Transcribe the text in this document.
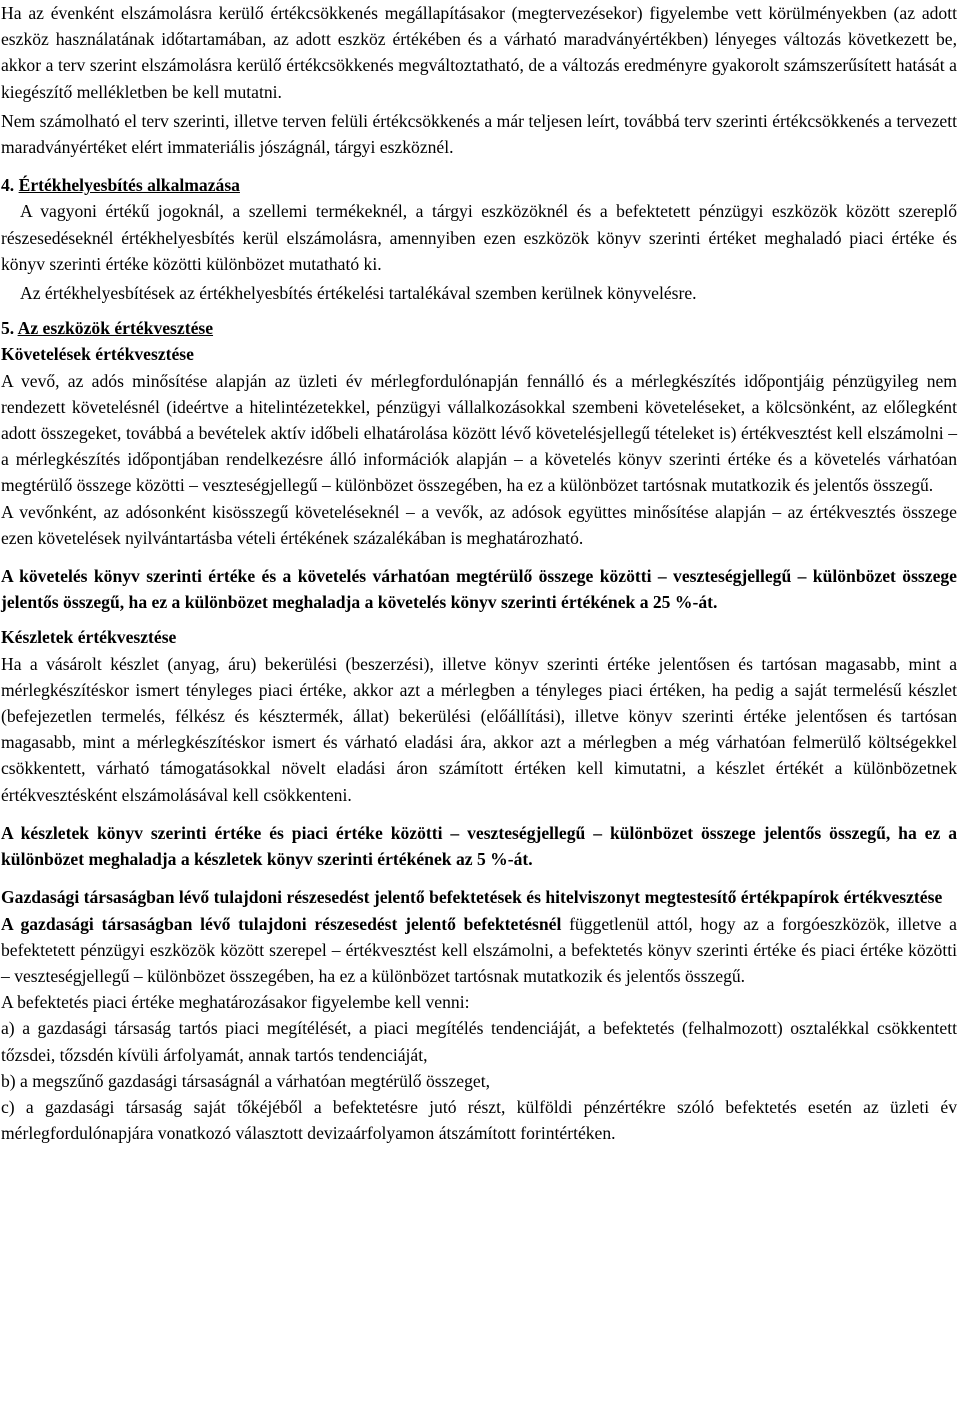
Ha az évenként elszámolásra kerülő értékcsökkenés megállapításakor (megtervezésekor) figyelembe vett körülményekben (az adott eszköz használatának időtartamában, az adott eszköz értékében és a várható maradványértékben) lényeges változás következett be, akkor a terv szerint elszámolásra kerülő értékcsökkenés megváltoztatható, de a változás eredményre gyakorolt számszerűsített hatását a kiegészítő mellékletben be kell mutatni.

Nem számolható el terv szerinti, illetve terven felüli értékcsökkenés a már teljesen leírt, továbbá terv szerinti értékcsökkenés a tervezett maradványértéket elért immateriális jószágnál, tárgyi eszköznél.

4. Értékhelyesbítés alkalmazása

A vagyoni értékű jogoknál, a szellemi termékeknél, a tárgyi eszközöknél és a befektetett pénzügyi eszközök között szereplő részesedéseknél értékhelyesbítés kerül elszámolásra, amennyiben ezen eszközök könyv szerinti értéket meghaladó piaci értéke és könyv szerinti értéke közötti különbözet mutatható ki.

Az értékhelyesbítések az értékhelyesbítés értékelési tartalékával szemben kerülnek könyvelésre.

5. Az eszközök értékvesztése
Követelések értékvesztése

A vevő, az adós minősítése alapján az üzleti év mérlegfordulónapján fennálló és a mérlegkészítés időpontjáig pénzügyileg nem rendezett követelésnél (ideértve a hitelintézetekkel, pénzügyi vállalkozásokkal szembeni követeléseket, a kölcsönként, az előlegként adott összegeket, továbbá a bevételek aktív időbeli elhatárolása között lévő követelésjellegű tételeket is) értékvesztést kell elszámolni – a mérlegkészítés időpontjában rendelkezésre álló információk alapján – a követelés könyv szerinti értéke és a követelés várhatóan megtérülő összege közötti – veszteségjellegű – különbözet összegében, ha ez a különbözet tartósnak mutatkozik és jelentős összegű.

A vevőnként, az adósonként kisösszegű követeléseknél – a vevők, az adósok együttes minősítése alapján – az értékvesztés összege ezen követelések nyilvántartásba vételi értékének százalékában is meghatározható.

A követelés könyv szerinti értéke és a követelés várhatóan megtérülő összege közötti – veszteségjellegű – különbözet összege jelentős összegű, ha ez a különbözet meghaladja a követelés könyv szerinti értékének a 25 %-át.

Készletek értékvesztése

Ha a vásárolt készlet (anyag, áru) bekerülési (beszerzési), illetve könyv szerinti értéke jelentősen és tartósan magasabb, mint a mérlegkészítéskor ismert tényleges piaci értéke, akkor azt a mérlegben a tényleges piaci értéken, ha pedig a saját termelésű készlet (befejezetlen termelés, félkész és késztermék, állat) bekerülési (előállítási), illetve könyv szerinti értéke jelentősen és tartósan magasabb, mint a mérlegkészítéskor ismert és várható eladási ára, akkor azt a mérlegben a még várhatóan felmerülő költségekkel csökkentett, várható támogatásokkal növelt eladási áron számított értéken kell kimutatni, a készlet értékét a különbözetnek értékvesztésként elszámolásával kell csökkenteni.

A készletek könyv szerinti értéke és piaci értéke közötti – veszteségjellegű – különbözet összege jelentős összegű, ha ez a különbözet meghaladja a készletek könyv szerinti értékének az 5 %-át.

Gazdasági társaságban lévő tulajdoni részesedést jelentő befektetések és hitelviszonyt megtestesítő értékpapírok értékvesztése

A gazdasági társaságban lévő tulajdoni részesedést jelentő befektetésnél függetlenül attól, hogy az a forgóeszközök, illetve a befektetett pénzügyi eszközök között szerepel – értékvesztést kell elszámolni, a befektetés könyv szerinti értéke és piaci értéke közötti – veszteségjellegű – különbözet összegében, ha ez a különbözet tartósnak mutatkozik és jelentős összegű.

A befektetés piaci értéke meghatározásakor figyelembe kell venni:

a) a gazdasági társaság tartós piaci megítélését, a piaci megítélés tendenciáját, a befektetés (felhalmozott) osztalékkal csökkentett tőzsdei, tőzsdén kívüli árfolyamát, annak tartós tendenciáját,

b) a megszűnő gazdasági társaságnál a várhatóan megtérülő összeget,

c) a gazdasági társaság saját tőkéjéből a befektetésre jutó részt, külföldi pénzértékre szóló befektetés esetén az üzleti év mérlegfordulónapjára vonatkozó választott devizaárfolyamon átszámított forintértéken.
